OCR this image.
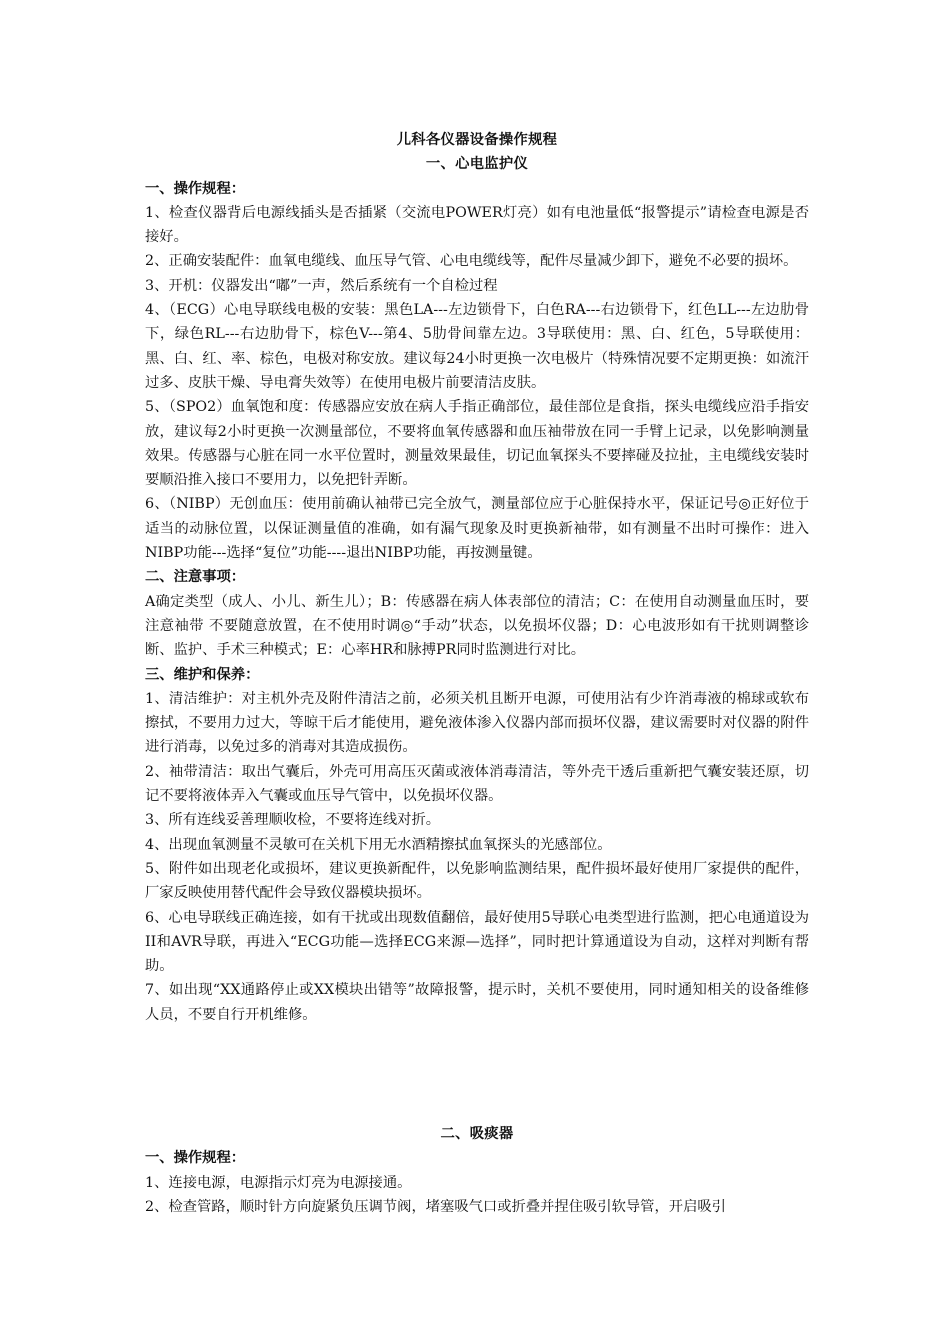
儿科各仪器设备操作规程

一、心电监护仪

一、操作规程：

1、检查仪器背后电源线插头是否插紧（交流电POWER灯亮）如有电池量低“报警提示”请检查电源是否接好。

2、正确安装配件：血氧电缆线、血压导气管、心电电缆线等，配件尽量减少卸下，避免不必要的损坏。

3、开机：仪器发出“嘟”一声，然后系统有一个自检过程

4、（ECG）心电导联线电极的安装：黑色LA---左边锁骨下，白色RA---右边锁骨下，红色LL---左边肋骨下，绿色RL---右边肋骨下，棕色V---第4、5肋骨间靠左边。3导联使用：黑、白、红色，5导联使用：黑、白、红、率、棕色，电极对称安放。建议每24小时更换一次电极片（特殊情况要不定期更换：如流汗过多、皮肤干燥、导电膏失效等）在使用电极片前要清洁皮肤。

5、（SPO2）血氧饱和度：传感器应安放在病人手指正确部位，最佳部位是食指，探头电缆线应沿手指安放，建议每2小时更换一次测量部位，不要将血氧传感器和血压袖带放在同一手臂上记录，以免影响测量效果。传感器与心脏在同一水平位置时，测量效果最佳，切记血氧探头不要摔碰及拉扯，主电缆线安装时要顺沿推入接口不要用力，以免把针弄断。

6、（NIBP）无创血压：使用前确认袖带已完全放气，测量部位应于心脏保持水平，保证记号◎正好位于适当的动脉位置，以保证测量值的准确，如有漏气现象及时更换新袖带，如有测量不出时可操作：进入NIBP功能---选择“复位”功能----退出NIBP功能，再按测量键。

二、注意事项：

A确定类型（成人、小儿、新生儿）；B：传感器在病人体表部位的清洁；C：在使用自动测量血压时，要注意袖带 不要随意放置，在不使用时调◎“手动”状态，以免损坏仪器；D：心电波形如有干扰则调整诊断、监护、手术三种模式；E：心率HR和脉搏PR同时监测进行对比。

三、维护和保养：

1、清洁维护：对主机外壳及附件清洁之前，必须关机且断开电源，可使用沾有少许消毒液的棉球或软布擦拭，不要用力过大，等晾干后才能使用，避免液体渗入仪器内部而损坏仪器，建议需要时对仪器的附件进行消毒，以免过多的消毒对其造成损伤。

2、袖带清洁：取出气囊后，外壳可用高压灭菌或液体消毒清洁，等外壳干透后重新把气囊安装还原，切记不要将液体弄入气囊或血压导气管中，以免损坏仪器。

3、所有连线妥善理顺收检，不要将连线对折。

4、出现血氧测量不灵敏可在关机下用无水酒精擦拭血氧探头的光感部位。

5、附件如出现老化或损坏，建议更换新配件，以免影响监测结果，配件损坏最好使用厂家提供的配件，厂家反映使用替代配件会导致仪器模块损坏。

6、心电导联线正确连接，如有干扰或出现数值翻倍，最好使用5导联心电类型进行监测，把心电通道设为II和AVR导联，再进入“ECG功能—选择ECG来源—选择”，同时把计算通道设为自动，这样对判断有帮助。

7、如出现“XX通路停止或XX模块出错等”故障报警，提示时，关机不要使用，同时通知相关的设备维修人员，不要自行开机维修。

二、吸痰器

一、操作规程：

1、连接电源，电源指示灯亮为电源接通。

2、检查管路，顺时针方向旋紧负压调节阀，堵塞吸气口或折叠并捏住吸引软导管，开启吸引
